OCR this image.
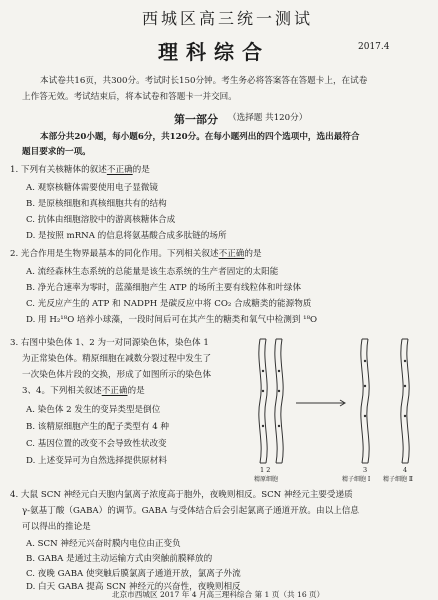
西城区高三统一测试
理科综合	2017.4
本试卷共16页，共300分。考试时长150分钟。考生务必将答案答在答题卡上，在试卷
上作答无效。考试结束后，将本试卷和答题卡一并交回。
第一部分 （选择题 共120分）
本部分共20小题，每小题6分，共120分。在每小题列出的四个选项中，选出最符合
题目要求的一项。
1. 下列有关核糖体的叙述不正确的是
A. 观察核糖体需要使用电子显微镜
B. 是原核细胞和真核细胞共有的结构
C. 抗体由细胞溶胶中的游离核糖体合成
D. 是按照 mRNA 的信息将氨基酸合成多肽链的场所
2. 光合作用是生物界最基本的同化作用。下列相关叙述不正确的是
A. 流经森林生态系统的总能量是该生态系统的生产者固定的太阳能
B. 净光合速率为零时，蓝藻细胞产生 ATP 的场所主要有线粒体和叶绿体
C. 光反应产生的 ATP 和 NADPH 是碳反应中将 CO₂ 合成糖类的能源物质
D. 用 H₂¹⁸O 培养小球藻，一段时间后可在其产生的糖类和氧气中检测到 ¹⁸O
3. 右图中染色体 1、2 为一对同源染色体，染色体 1
为正常染色体。精原细胞在减数分裂过程中发生了
一次染色体片段的交换，形成了如图所示的染色体
3、4。下列相关叙述不正确的是
A. 染色体 2 发生的变异类型是倒位
B. 该精原细胞产生的配子类型有 4 种
C. 基因位置的改变不会导致性状改变
D. 上述变异可为自然选择提供原材料
1 2
精原细胞
3
精子细胞 Ⅰ
4
精子细胞 Ⅱ
4. 大鼠 SCN 神经元白天胞内氯离子浓度高于胞外，夜晚则相反。SCN 神经元主要受递质
γ-氨基丁酸（GABA）的调节。GABA 与受体结合后会引起氯离子通道开放。由以上信息
可以得出的推论是
A. SCN 神经元兴奋时膜内电位由正变负
B. GABA 是通过主动运输方式由突触前膜释放的
C. 夜晚 GABA 使突触后膜氯离子通道开放，氯离子外流
D. 白天 GABA 提高 SCN 神经元的兴奋性，夜晚则相反
北京市西城区 2017 年 4 月高三理科综合 第 1 页（共 16 页）
